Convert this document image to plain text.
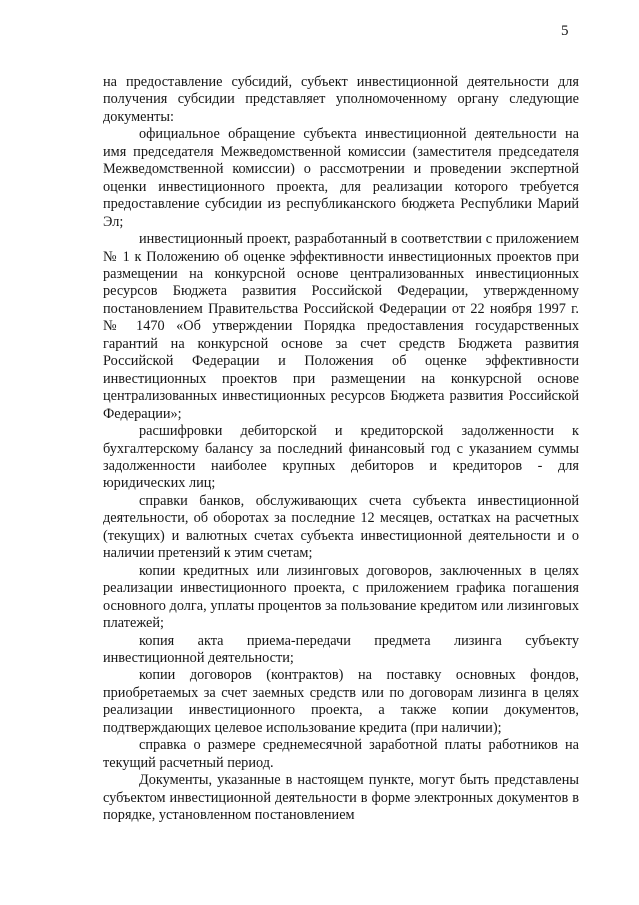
5

на предоставление субсидий, субъект инвестиционной деятельности для получения субсидии представляет уполномоченному органу следующие документы:

официальное обращение субъекта инвестиционной деятельности на имя председателя Межведомственной комиссии (заместителя председателя Межведомственной комиссии) о рассмотрении и проведении экспертной оценки инвестиционного проекта, для реализации которого требуется предоставление субсидии из республиканского бюджета Республики Марий Эл;

инвестиционный проект, разработанный в соответствии с приложением № 1 к Положению об оценке эффективности инвестиционных проектов при размещении на конкурсной основе централизованных инвестиционных ресурсов Бюджета развития Российской Федерации, утвержденному постановлением Правительства Российской Федерации от 22 ноября 1997 г. № 1470 «Об утверждении Порядка предоставления государственных гарантий на конкурсной основе за счет средств Бюджета развития Российской Федерации и Положения об оценке эффективности инвестиционных проектов при размещении на конкурсной основе централизованных инвестиционных ресурсов Бюджета развития Российской Федерации»;

расшифровки дебиторской и кредиторской задолженности к бухгалтерскому балансу за последний финансовый год с указанием суммы задолженности наиболее крупных дебиторов и кредиторов - для юридических лиц;

справки банков, обслуживающих счета субъекта инвестиционной деятельности, об оборотах за последние 12 месяцев, остатках на расчетных (текущих) и валютных счетах субъекта инвестиционной деятельности и о наличии претензий к этим счетам;

копии кредитных или лизинговых договоров, заключенных в целях реализации инвестиционного проекта, с приложением графика погашения основного долга, уплаты процентов за пользование кредитом или лизинговых платежей;

копия акта приема-передачи предмета лизинга субъекту инвестиционной деятельности;

копии договоров (контрактов) на поставку основных фондов, приобретаемых за счет заемных средств или по договорам лизинга в целях реализации инвестиционного проекта, а также копии документов, подтверждающих целевое использование кредита (при наличии);

справка о размере среднемесячной заработной платы работников на текущий расчетный период.

Документы, указанные в настоящем пункте, могут быть представлены субъектом инвестиционной деятельности в форме электронных документов в порядке, установленном постановлением
